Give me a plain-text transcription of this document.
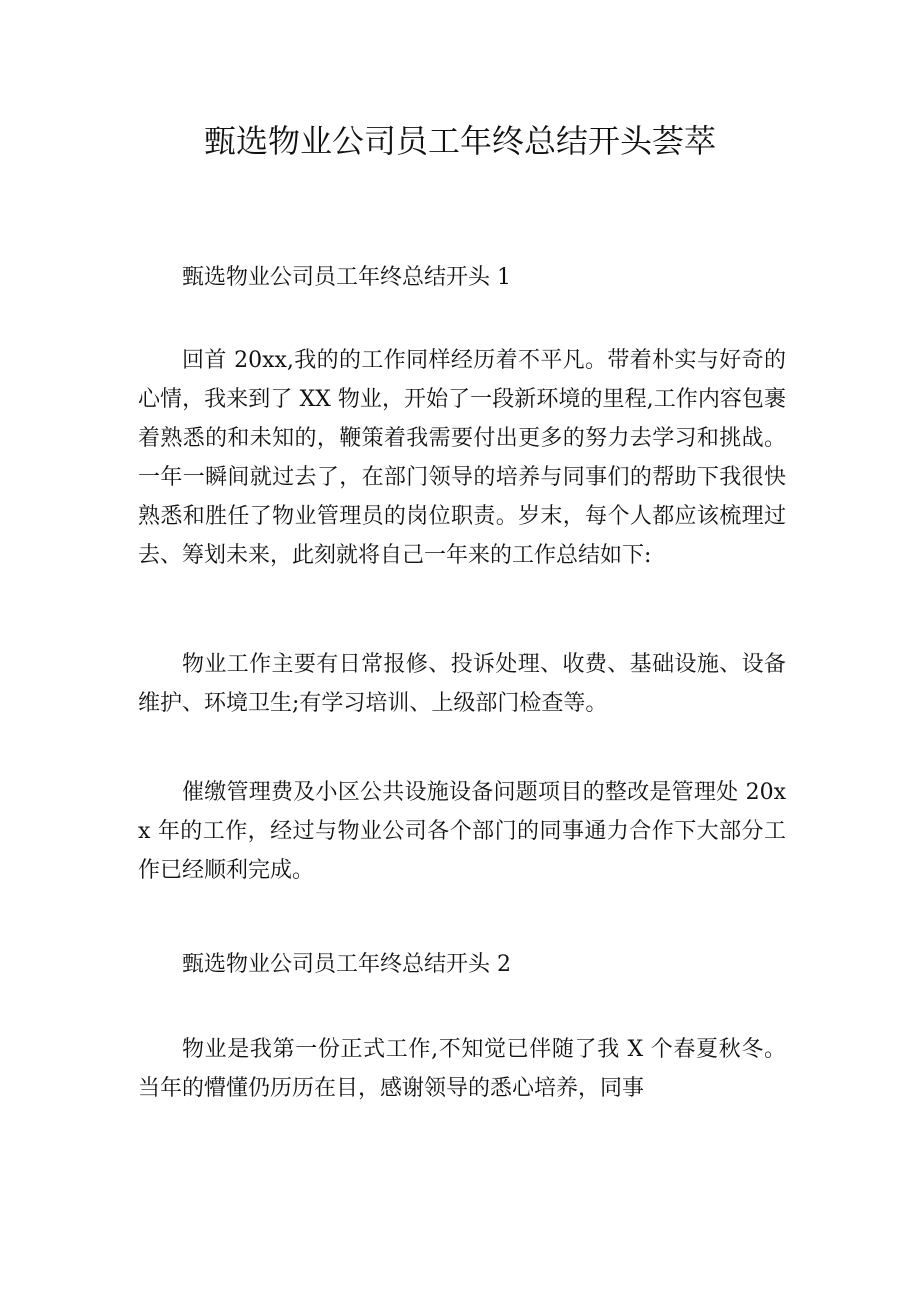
甄选物业公司员工年终总结开头荟萃
甄选物业公司员工年终总结开头 1

回首 20xx,我的的工作同样经历着不平凡。带着朴实与好奇的心情，我来到了 XX 物业，开始了一段新环境的里程,工作内容包裹着熟悉的和未知的，鞭策着我需要付出更多的努力去学习和挑战。一年一瞬间就过去了，在部门领导的培养与同事们的帮助下我很快熟悉和胜任了物业管理员的岗位职责。岁末，每个人都应该梳理过去、筹划未来，此刻就将自己一年来的工作总结如下:

物业工作主要有日常报修、投诉处理、收费、基础设施、设备维护、环境卫生;有学习培训、上级部门检查等。

催缴管理费及小区公共设施设备问题项目的整改是管理处 20xx 年的工作，经过与物业公司各个部门的同事通力合作下大部分工作已经顺利完成。

甄选物业公司员工年终总结开头 2

物业是我第一份正式工作,不知觉已伴随了我 X 个春夏秋冬。当年的懵懂仍历历在目，感谢领导的悉心培养，同事
